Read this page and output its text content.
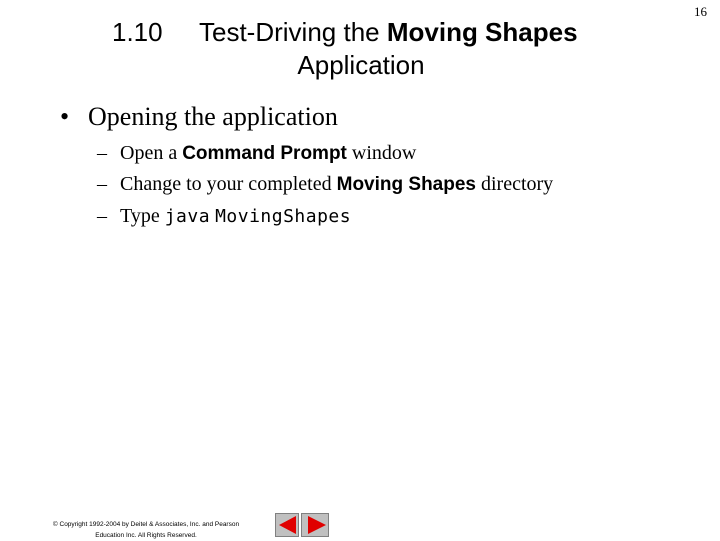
16
1.10 Test-Driving the Moving Shapes
Application
• Opening the application
– Open a Command Prompt window
– Change to your completed Moving Shapes directory
– Type java MovingShapes
© Copyright 1992-2004 by Deitel & Associates, Inc. and Pearson
Education Inc. All Rights Reserved.
